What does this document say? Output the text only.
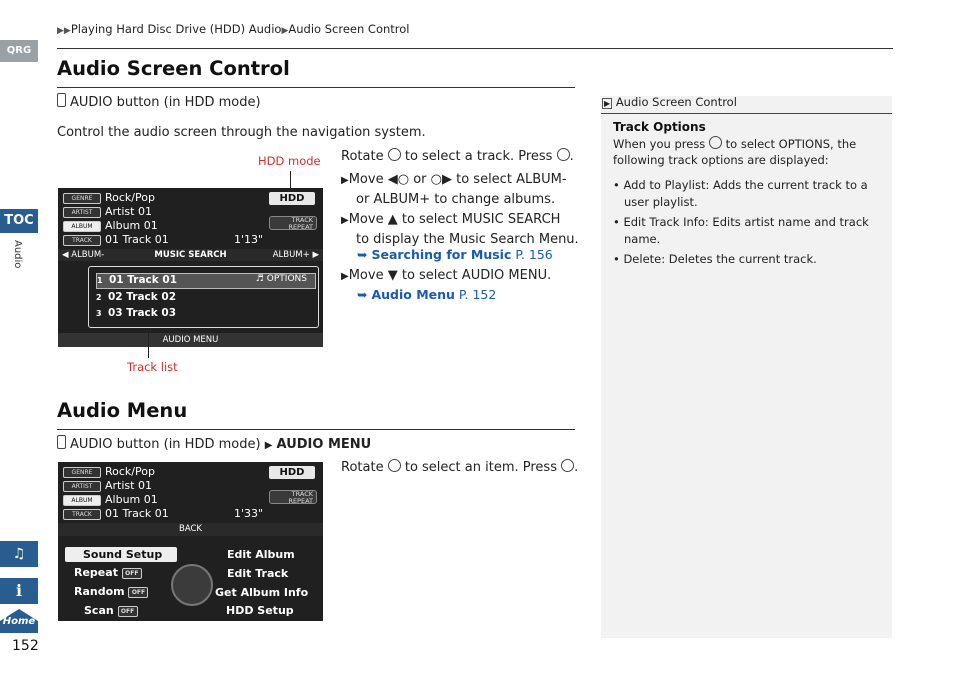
QRG
TOC
Audio
♫
i
Home
152
▶▶Playing Hard Disc Drive (HDD) Audio▶Audio Screen Control
Audio Screen Control
AUDIO button (in HDD mode)
Control the audio screen through the navigation system.
HDD mode
GENRE Rock/Pop
ARTIST Artist 01
ALBUM Album 01
TRACK 01 Track 01	1'13"
HDD
TRACK
REPEAT
◀ ALBUM-	MUSIC SEARCH	ALBUM+ ▶
1 01 Track 01	♬ OPTIONS
2 02 Track 02
3 03 Track 03
AUDIO MENU
Track list
Rotate to select a track. Press .
▶Move ◀○ or ○▶ to select ALBUM-
or ALBUM+ to change albums.
▶Move ▲ to select MUSIC SEARCH
to display the Music Search Menu.
➥ Searching for Music P. 156
▶Move ▼ to select AUDIO MENU.
➥ Audio Menu P. 152
Audio Menu
AUDIO button (in HDD mode) ▶ AUDIO MENU
Rotate to select an item. Press .
GENRE Rock/Pop
ARTIST Artist 01
ALBUM Album 01
TRACK 01 Track 01	1'33"
HDD
TRACK
REPEAT
BACK
Sound Setup
Repeat OFF
Random OFF
Scan OFF
Edit Album
Edit Track
Get Album Info
HDD Setup
▶ Audio Screen Control
Track Options
When you press to select OPTIONS, the following track options are displayed:
• Add to Playlist: Adds the current track to a user playlist.
• Edit Track Info: Edits artist name and track name.
• Delete: Deletes the current track.
